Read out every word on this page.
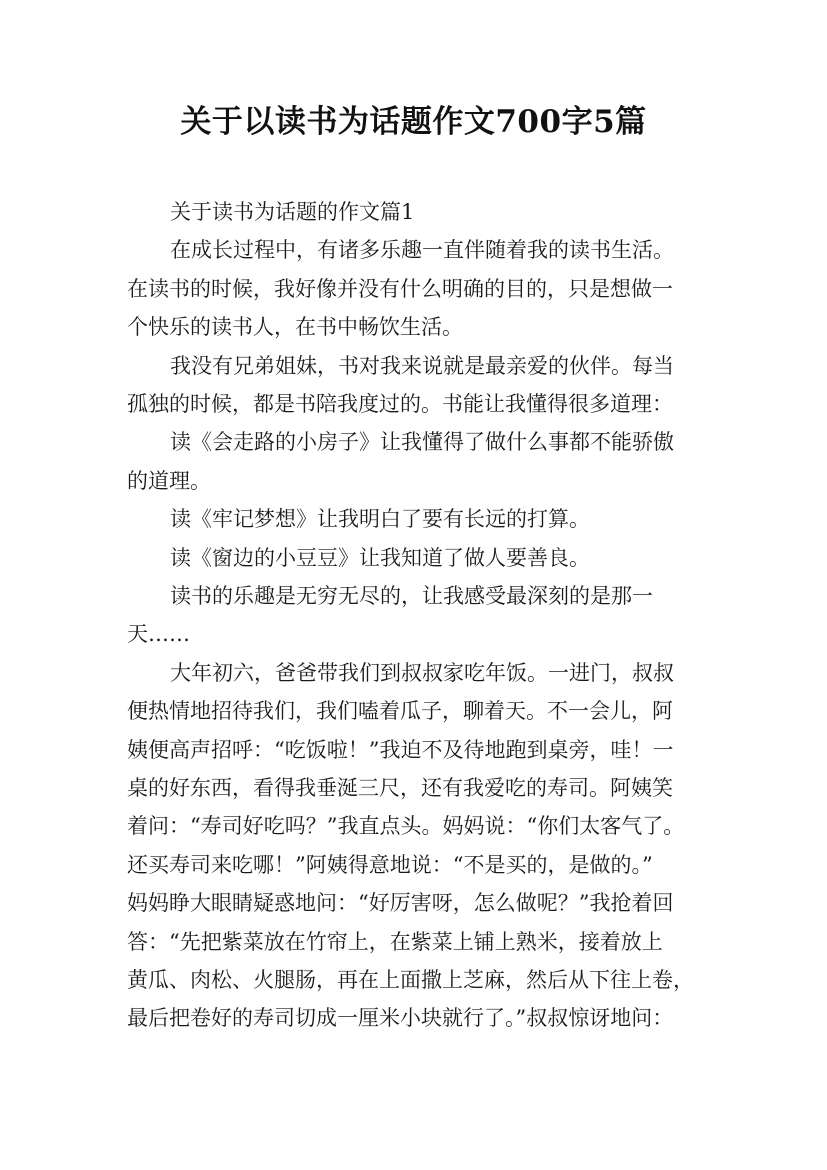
关于以读书为话题作文700字5篇
关于读书为话题的作文篇1
在成长过程中，有诸多乐趣一直伴随着我的读书生活。
在读书的时候，我好像并没有什么明确的目的，只是想做一
个快乐的读书人，在书中畅饮生活。
我没有兄弟姐妹，书对我来说就是最亲爱的伙伴。每当
孤独的时候，都是书陪我度过的。书能让我懂得很多道理：
读《会走路的小房子》让我懂得了做什么事都不能骄傲
的道理。
读《牢记梦想》让我明白了要有长远的打算。
读《窗边的小豆豆》让我知道了做人要善良。
读书的乐趣是无穷无尽的，让我感受最深刻的是那一
天……
大年初六，爸爸带我们到叔叔家吃年饭。一进门，叔叔
便热情地招待我们，我们嗑着瓜子，聊着天。不一会儿，阿
姨便高声招呼：“吃饭啦！”我迫不及待地跑到桌旁，哇！一
桌的好东西，看得我垂涎三尺，还有我爱吃的寿司。阿姨笑
着问：“寿司好吃吗？”我直点头。妈妈说：“你们太客气了。
还买寿司来吃哪！”阿姨得意地说：“不是买的，是做的。”
妈妈睁大眼睛疑惑地问：“好厉害呀，怎么做呢？”我抢着回
答：“先把紫菜放在竹帘上，在紫菜上铺上熟米，接着放上
黄瓜、肉松、火腿肠，再在上面撒上芝麻，然后从下往上卷，
最后把卷好的寿司切成一厘米小块就行了。”叔叔惊讶地问：
